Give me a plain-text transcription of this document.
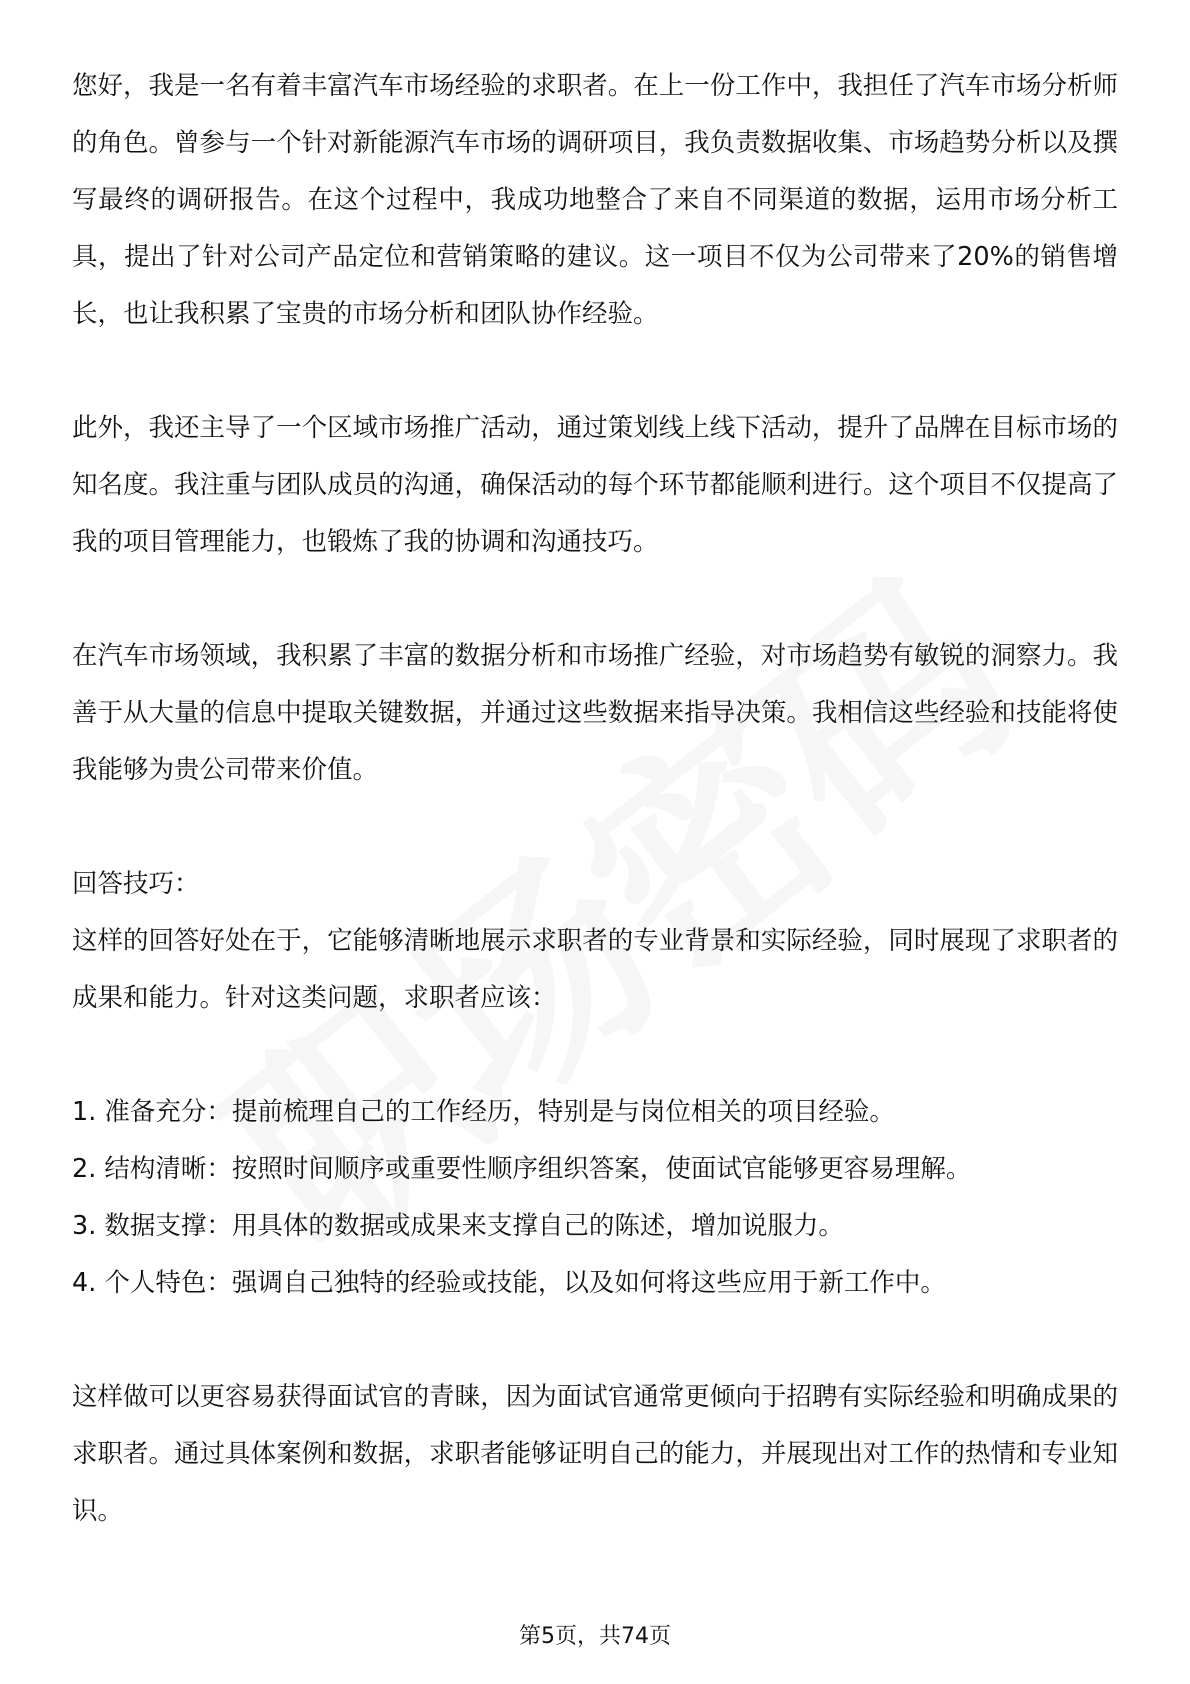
您好，我是一名有着丰富汽车市场经验的求职者。在上一份工作中，我担任了汽车市场分析师的角色。曾参与一个针对新能源汽车市场的调研项目，我负责数据收集、市场趋势分析以及撰写最终的调研报告。在这个过程中，我成功地整合了来自不同渠道的数据，运用市场分析工具，提出了针对公司产品定位和营销策略的建议。这一项目不仅为公司带来了20%的销售增长，也让我积累了宝贵的市场分析和团队协作经验。

此外，我还主导了一个区域市场推广活动，通过策划线上线下活动，提升了品牌在目标市场的知名度。我注重与团队成员的沟通，确保活动的每个环节都能顺利进行。这个项目不仅提高了我的项目管理能力，也锻炼了我的协调和沟通技巧。

在汽车市场领域，我积累了丰富的数据分析和市场推广经验，对市场趋势有敏锐的洞察力。我善于从大量的信息中提取关键数据，并通过这些数据来指导决策。我相信这些经验和技能将使我能够为贵公司带来价值。

回答技巧：

这样的回答好处在于，它能够清晰地展示求职者的专业背景和实际经验，同时展现了求职者的成果和能力。针对这类问题，求职者应该：

1. 准备充分：提前梳理自己的工作经历，特别是与岗位相关的项目经验。
2. 结构清晰：按照时间顺序或重要性顺序组织答案，使面试官能够更容易理解。
3. 数据支撑：用具体的数据或成果来支撑自己的陈述，增加说服力。
4. 个人特色：强调自己独特的经验或技能，以及如何将这些应用于新工作中。

这样做可以更容易获得面试官的青睐，因为面试官通常更倾向于招聘有实际经验和明确成果的求职者。通过具体案例和数据，求职者能够证明自己的能力，并展现出对工作的热情和专业知识。

第5页，共74页
